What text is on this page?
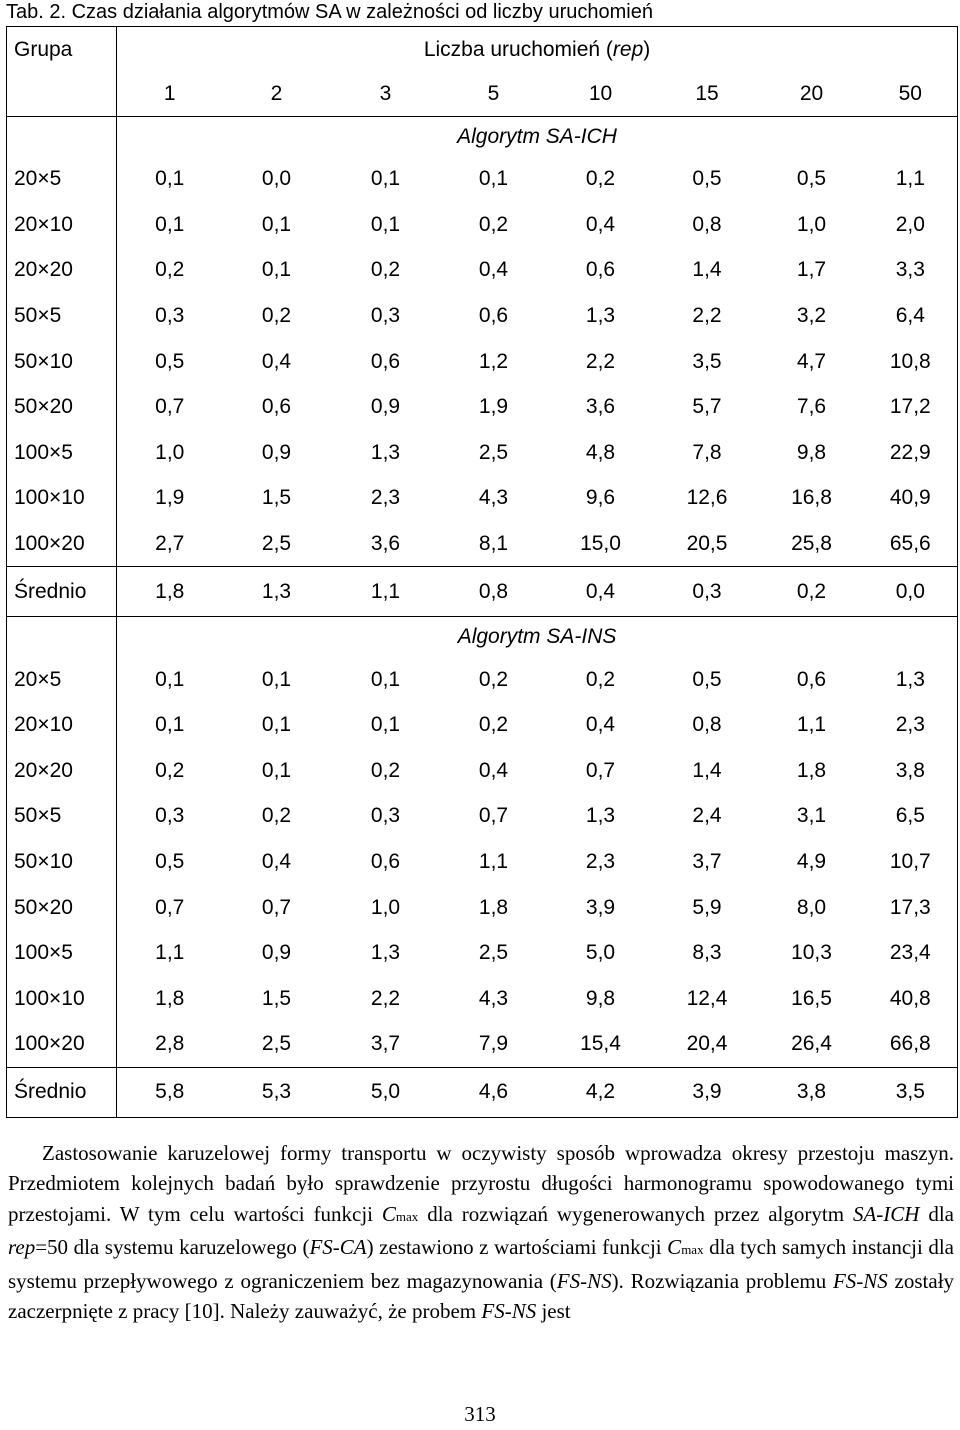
Tab. 2. Czas działania algorytmów SA w zależności od liczby uruchomień
Grupa	Liczba uruchomień (rep)							
	1	2	3	5	10	15	20	50
	Algorytm SA-ICH							
20×5	0,1	0,0	0,1	0,1	0,2	0,5	0,5	1,1
20×10	0,1	0,1	0,1	0,2	0,4	0,8	1,0	2,0
20×20	0,2	0,1	0,2	0,4	0,6	1,4	1,7	3,3
50×5	0,3	0,2	0,3	0,6	1,3	2,2	3,2	6,4
50×10	0,5	0,4	0,6	1,2	2,2	3,5	4,7	10,8
50×20	0,7	0,6	0,9	1,9	3,6	5,7	7,6	17,2
100×5	1,0	0,9	1,3	2,5	4,8	7,8	9,8	22,9
100×10	1,9	1,5	2,3	4,3	9,6	12,6	16,8	40,9
100×20	2,7	2,5	3,6	8,1	15,0	20,5	25,8	65,6
Średnio	1,8	1,3	1,1	0,8	0,4	0,3	0,2	0,0
	Algorytm SA-INS							
20×5	0,1	0,1	0,1	0,2	0,2	0,5	0,6	1,3
20×10	0,1	0,1	0,1	0,2	0,4	0,8	1,1	2,3
20×20	0,2	0,1	0,2	0,4	0,7	1,4	1,8	3,8
50×5	0,3	0,2	0,3	0,7	1,3	2,4	3,1	6,5
50×10	0,5	0,4	0,6	1,1	2,3	3,7	4,9	10,7
50×20	0,7	0,7	1,0	1,8	3,9	5,9	8,0	17,3
100×5	1,1	0,9	1,3	2,5	5,0	8,3	10,3	23,4
100×10	1,8	1,5	2,2	4,3	9,8	12,4	16,5	40,8
100×20	2,8	2,5	3,7	7,9	15,4	20,4	26,4	66,8
Średnio	5,8	5,3	5,0	4,6	4,2	3,9	3,8	3,5

Zastosowanie karuzelowej formy transportu w oczywisty sposób wprowadza okresy przestoju maszyn. Przedmiotem kolejnych badań było sprawdzenie przyrostu długości harmonogramu spowodowanego tymi przestojami. W tym celu wartości funkcji Cmax dla rozwiązań wygenerowanych przez algorytm SA-ICH dla rep=50 dla systemu karuzelowego (FS-CA) zestawiono z wartościami funkcji Cmax dla tych samych instancji dla systemu przepływowego z ograniczeniem bez magazynowania (FS-NS). Rozwiązania problemu FS-NS zostały zaczerpnięte z pracy [10]. Należy zauważyć, że probem FS-NS jest

313
